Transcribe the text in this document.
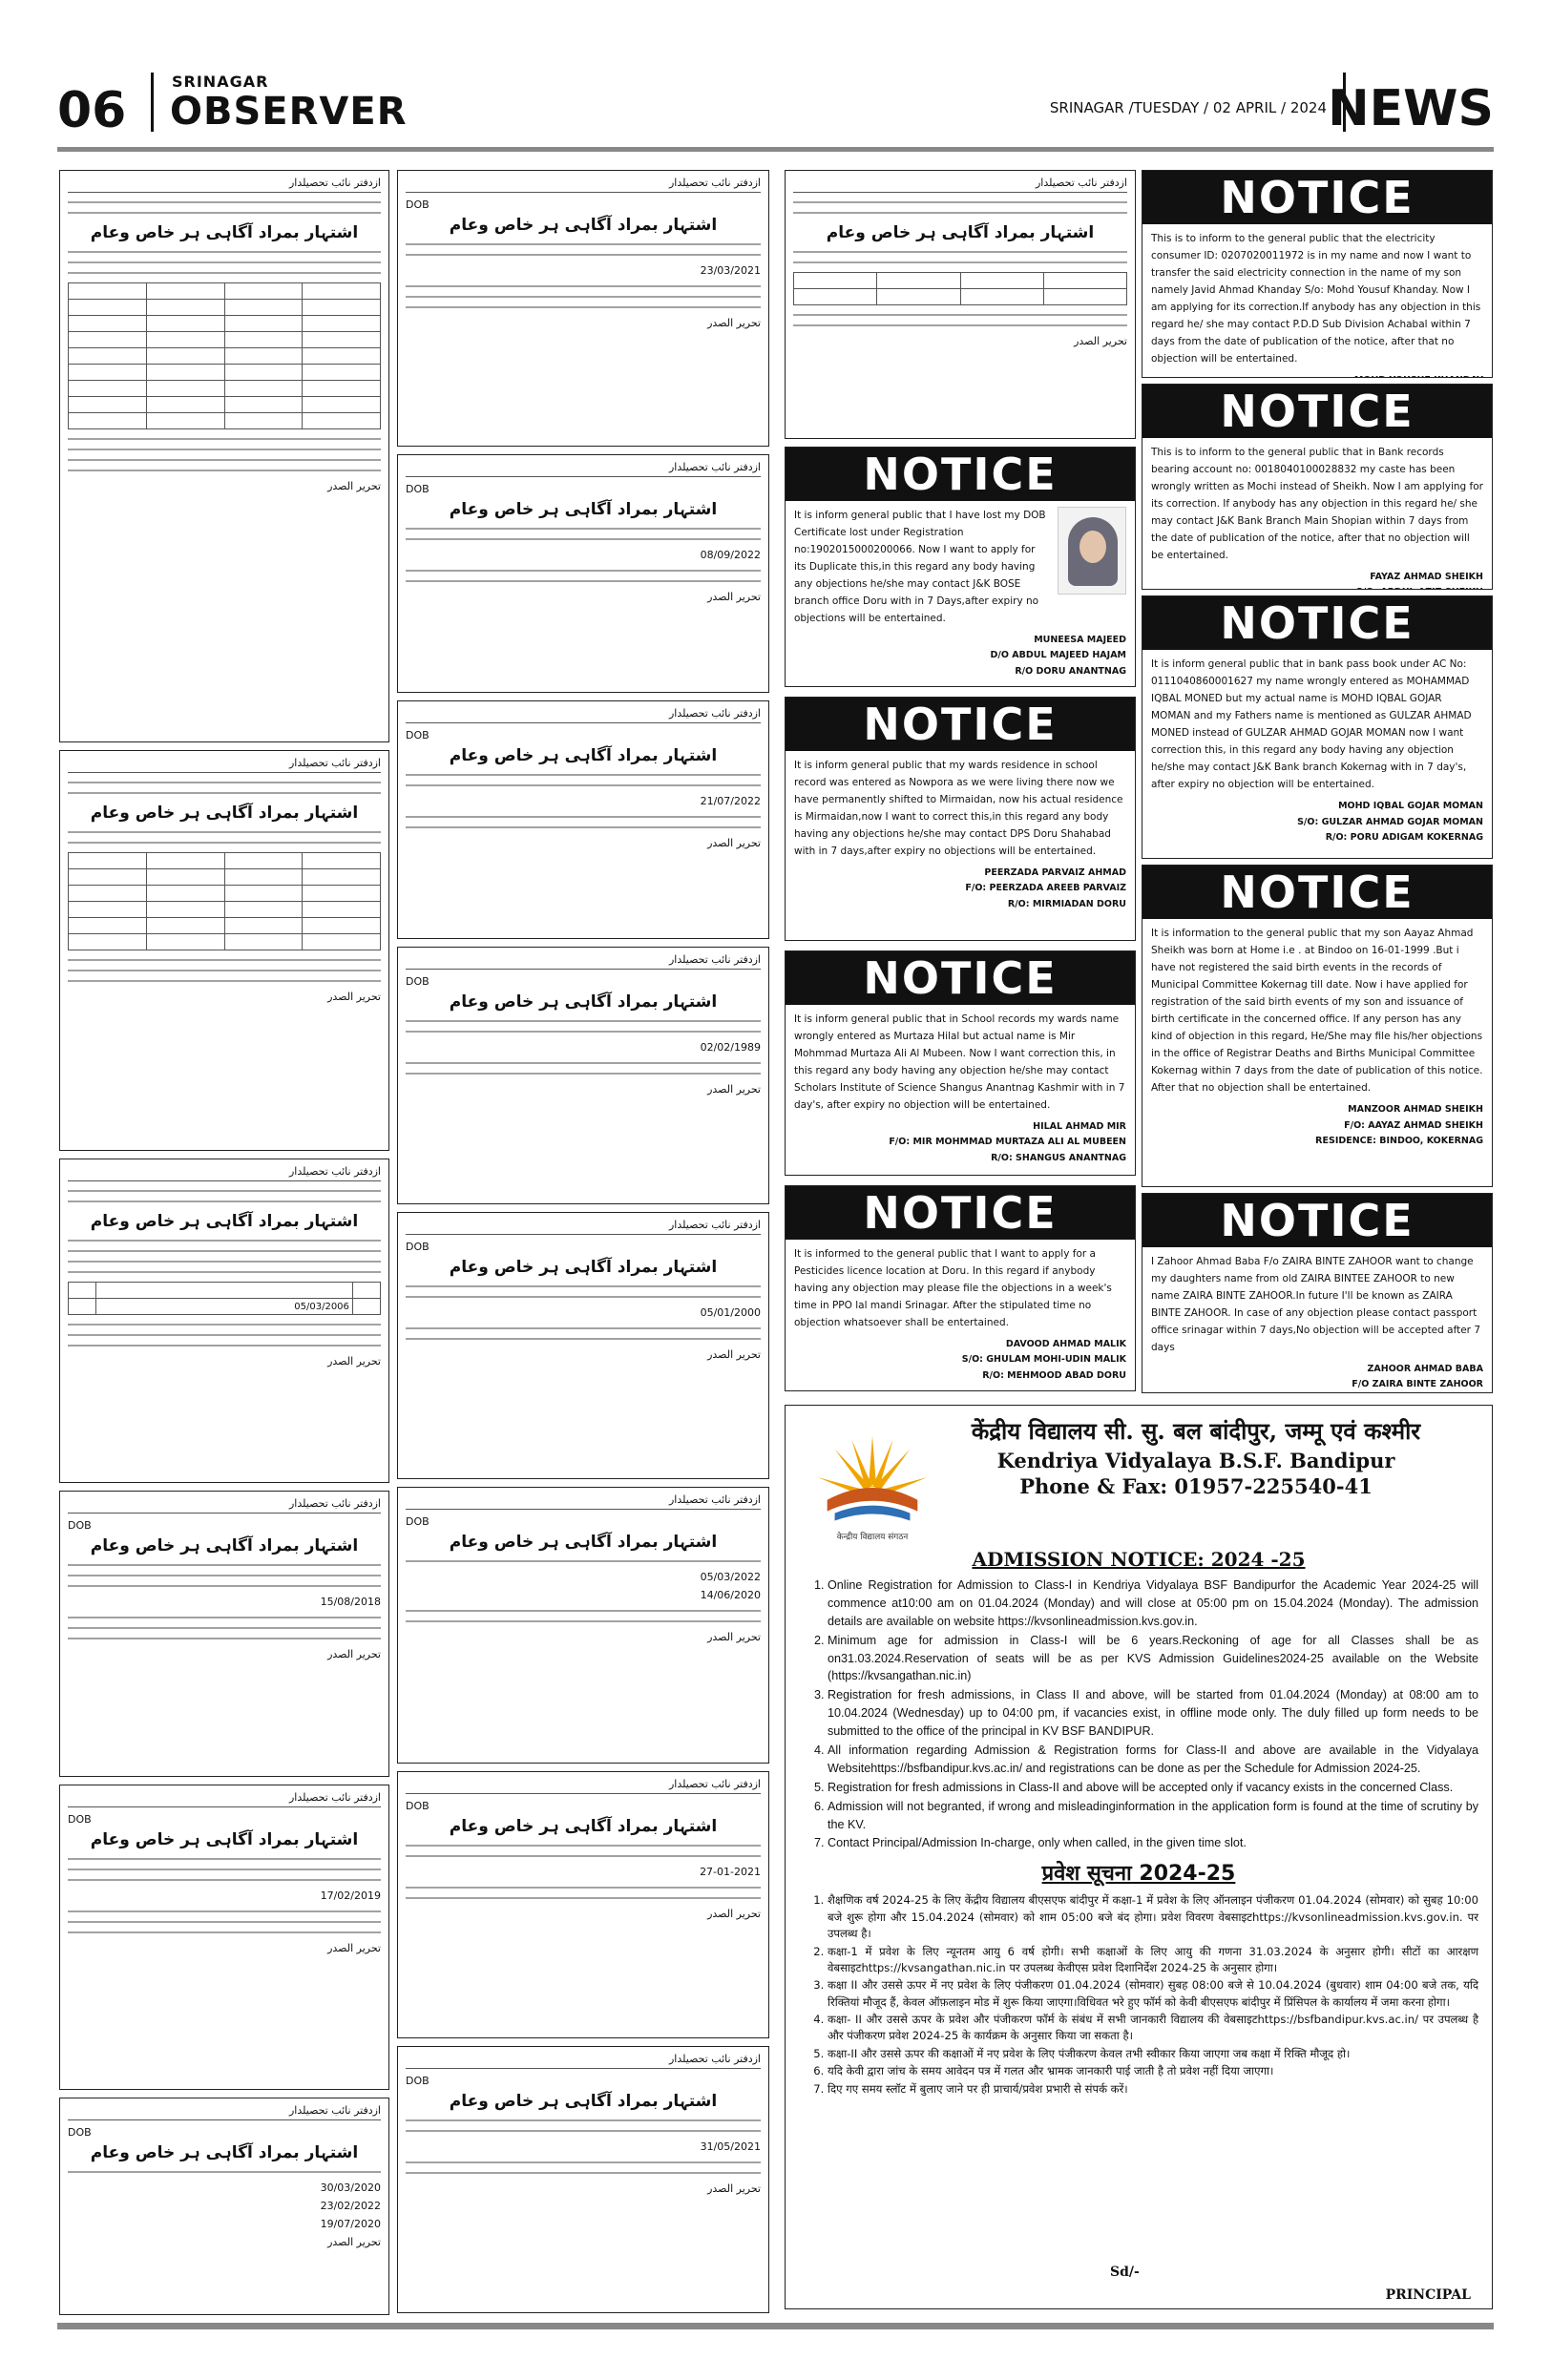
06
SRINAGAR
OBSERVER	SRINAGAR /TUESDAY / 02 APRIL / 2024 NEWS
ازدفتر نائب تحصیلدار
اشتہار بمراد آگاہی ہر خاص وعام

تحریر الصدر
ازدفتر نائب تحصیلدار
اشتہار بمراد آگاہی ہر خاص وعام

تحریر الصدر
ازدفتر نائب تحصیلدار
اشتہار بمراد آگاہی ہر خاص وعام

	05/03/2006	
تحریر الصدر
ازدفتر نائب تحصیلدار
DOB
اشتہار بمراد آگاہی ہر خاص وعام
15/08/2018
تحریر الصدر
ازدفتر نائب تحصیلدار
DOB
اشتہار بمراد آگاہی ہر خاص وعام
17/02/2019
تحریر الصدر
ازدفتر نائب تحصیلدار
DOB
اشتہار بمراد آگاہی ہر خاص وعام
23/03/2021
تحریر الصدر
ازدفتر نائب تحصیلدار
DOB
اشتہار بمراد آگاہی ہر خاص وعام
08/09/2022
تحریر الصدر
ازدفتر نائب تحصیلدار
DOB
اشتہار بمراد آگاہی ہر خاص وعام
21/07/2022
تحریر الصدر
ازدفتر نائب تحصیلدار
DOB
اشتہار بمراد آگاہی ہر خاص وعام
02/02/1989
تحریر الصدر
ازدفتر نائب تحصیلدار
DOB
اشتہار بمراد آگاہی ہر خاص وعام
05/01/2000
تحریر الصدر
ازدفتر نائب تحصیلدار
DOB
اشتہار بمراد آگاہی ہر خاص وعام
05/03/2022
14/06/2020
تحریر الصدر
ازدفتر نائب تحصیلدار
DOB
اشتہار بمراد آگاہی ہر خاص وعام
27-01-2021
تحریر الصدر
ازدفتر نائب تحصیلدار
DOB
اشتہار بمراد آگاہی ہر خاص وعام
31/05/2021
تحریر الصدر
ازدفتر نائب تحصیلدار
DOB
اشتہار بمراد آگاہی ہر خاص وعام
30/03/2020
23/02/2022
19/07/2020
تحریر الصدر
NOTICE
It is inform general public that I have lost my DOB Certificate lost under Registration no:1902015000200066. Now I want to apply for its Duplicate this,in this regard any body having any objections he/she may contact J&K BOSE branch office Doru with in 7 Days,after expiry no objections will be entertained.
MUNEESA MAJEED
D/O ABDUL MAJEED HAJAM
R/O DORU ANANTNAG
NOTICE
It is inform general public that my wards residence in school record was entered as Nowpora as we were living there now we have permanently shifted to Mirmaidan, now his actual residence is Mirmaidan,now I want to correct this,in this regard any body having any objections he/she may contact DPS Doru Shahabad with in 7 days,after expiry no objections will be entertained.
PEERZADA PARVAIZ AHMAD
F/O: PEERZADA AREEB PARVAIZ
R/O: MIRMIADAN DORU
NOTICE
It is inform general public that in School records my wards name wrongly entered as Murtaza Hilal but actual name is Mir Mohmmad Murtaza Ali Al Mubeen. Now I want correction this, in this regard any body having any objection he/she may contact Scholars Institute of Science Shangus Anantnag Kashmir with in 7 day's, after expiry no objection will be entertained.
HILAL AHMAD MIR
F/O: MIR MOHMMAD MURTAZA ALI AL MUBEEN
R/O: SHANGUS ANANTNAG
NOTICE
It is informed to the general public that I want to apply for a Pesticides licence location at Doru. In this regard if anybody having any objection may please file the objections in a week's time in PPO lal mandi Srinagar. After the stipulated time no objection whatsoever shall be entertained.
DAVOOD AHMAD MALIK
S/O: GHULAM MOHI-UDIN MALIK
R/O: MEHMOOD ABAD DORU
NOTICE
This is to inform to the general public that the electricity consumer ID: 0207020011972 is in my name and now I want to transfer the said electricity connection in the name of my son namely Javid Ahmad Khanday S/o: Mohd Yousuf Khanday. Now I am applying for its correction.If anybody has any objection in this regard he/ she may contact P.D.D Sub Division Achabal within 7 days from the date of publication of the notice, after that no objection will be entertained.
NOTICE
This is to inform to the general public that in Bank records bearing account no: 0018040100028832 my caste has been wrongly written as Mochi instead of Sheikh. Now I am applying for its correction. If anybody has any objection in this regard he/ she may contact J&K Bank Branch Main Shopian within 7 days from the date of publication of the notice, after that no objection will be entertained.
FAYAZ AHMAD SHEIKH
NOTICE
It is inform general public that in bank pass book under AC No: 0111040860001627 my name wrongly entered as MOHAMMAD IQBAL MONED but my actual name is MOHD IQBAL GOJAR MOMAN and my Fathers name is mentioned as GULZAR AHMAD MONED instead of GULZAR AHMAD GOJAR MOMAN now I want correction this, in this regard any body having any objection he/she may contact J&K Bank branch Kokernag with in 7 day's, after expiry no objection will be entertained.
MOHD IQBAL GOJAR MOMAN
S/O: GULZAR AHMAD GOJAR MOMAN
R/O: PORU ADIGAM KOKERNAG
NOTICE
It is information to the general public that my son Aayaz Ahmad Sheikh was born at Home i.e . at Bindoo on 16-01-1999 .But i have not registered the said birth events in the records of Municipal Committee Kokernag till date. Now i have applied for registration of the said birth events of my son and issuance of birth certificate in the concerned office. If any person has any kind of objection in this regard, He/She may file his/her objections in the office of Registrar Deaths and Births Municipal Committee Kokernag within 7 days from the date of publication of this notice. After that no objection shall be entertained.
MANZOOR AHMAD SHEIKH
F/O: AAYAZ AHMAD SHEIKH
RESIDENCE: BINDOO, KOKERNAG
NOTICE
I Zahoor Ahmad Baba F/o ZAIRA BINTE ZAHOOR want to change my daughters name from old ZAIRA BINTEE ZAHOOR to new name ZAIRA BINTE ZAHOOR.In future I'll be known as ZAIRA BINTE ZAHOOR. In case of any objection please contact passport office srinagar within 7 days,No objection will be accepted after 7 days
ZAHOOR AHMAD BABA
F/O ZAIRA BINTE ZAHOOR
ازدفتر نائب تحصیلدار
اشتہار بمراد آگاہی ہر خاص وعام

تحریر الصدر
केन्द्रीय विद्यालय संगठन
केंद्रीय विद्यालय सी. सु. बल बांदीपुर, जम्मू एवं कश्मीर
Kendriya Vidyalaya B.S.F. Bandipur
Phone & Fax: 01957-225540-41
ADMISSION NOTICE: 2024 -25
1. Online Registration for Admission to Class-I in Kendriya Vidyalaya BSF Bandipurfor the Academic Year 2024-25 will commence at10:00 am on 01.04.2024 (Monday) and will close at 05:00 pm on 15.04.2024 (Monday). The admission details are available on website https://kvsonlineadmission.kvs.gov.in.
2. Minimum age for admission in Class-I will be 6 years.Reckoning of age for all Classes shall be as on31.03.2024.Reservation of seats will be as per KVS Admission Guidelines2024-25 available on the Website (https://kvsangathan.nic.in)
3. Registration for fresh admissions, in Class II and above, will be started from 01.04.2024 (Monday) at 08:00 am to 10.04.2024 (Wednesday) up to 04:00 pm, if vacancies exist, in offline mode only. The duly filled up form needs to be submitted to the office of the principal in KV BSF BANDIPUR.
4. All information regarding Admission & Registration forms for Class-II and above are available in the Vidyalaya Websitehttps://bsfbandipur.kvs.ac.in/ and registrations can be done as per the Schedule for Admission 2024-25.
5. Registration for fresh admissions in Class-II and above will be accepted only if vacancy exists in the concerned Class.
6. Admission will not begranted, if wrong and misleadinginformation in the application form is found at the time of scrutiny by the KV.
7. Contact Principal/Admission In-charge, only when called, in the given time slot.
प्रवेश सूचना 2024-25
1. शैक्षणिक वर्ष 2024-25 के लिए केंद्रीय विद्यालय बीएसएफ बांदीपुर में कक्षा-1 में प्रवेश के लिए ऑनलाइन पंजीकरण 01.04.2024 (सोमवार) को सुबह 10:00 बजे शुरू होगा और 15.04.2024 (सोमवार) को शाम 05:00 बजे बंद होगा। प्रवेश विवरण वेबसाइटhttps://kvsonlineadmission.kvs.gov.in. पर उपलब्ध है।
2. कक्षा-1 में प्रवेश के लिए न्यूनतम आयु 6 वर्ष होगी। सभी कक्षाओं के लिए आयु की गणना 31.03.2024 के अनुसार होगी। सीटों का आरक्षण वेबसाइटhttps://kvsangathan.nic.in पर उपलब्ध केवीएस प्रवेश दिशानिर्देश 2024-25 के अनुसार होगा।
3. कक्षा II और उससे ऊपर में नए प्रवेश के लिए पंजीकरण 01.04.2024 (सोमवार) सुबह 08:00 बजे से 10.04.2024 (बुधवार) शाम 04:00 बजे तक, यदि रिक्तियां मौजूद हैं, केवल ऑफ़लाइन मोड में शुरू किया जाएगा।विधिवत भरे हुए फॉर्म को केवी बीएसएफ बांदीपुर में प्रिंसिपल के कार्यालय में जमा करना होगा।
4. कक्षा- II और उससे ऊपर के प्रवेश और पंजीकरण फॉर्म के संबंध में सभी जानकारी विद्यालय की वेबसाइटhttps://bsfbandipur.kvs.ac.in/ पर उपलब्ध है और पंजीकरण प्रवेश 2024-25 के कार्यक्रम के अनुसार किया जा सकता है।
5. कक्षा-II और उससे ऊपर की कक्षाओं में नए प्रवेश के लिए पंजीकरण केवल तभी स्वीकार किया जाएगा जब कक्षा में रिक्ति मौजूद हो।
6. यदि केवी द्वारा जांच के समय आवेदन पत्र में गलत और भ्रामक जानकारी पाई जाती है तो प्रवेश नहीं दिया जाएगा।
7. दिए गए समय स्लॉट में बुलाए जाने पर ही प्राचार्य/प्रवेश प्रभारी से संपर्क करें।
Sd/-
PRINCIPAL
